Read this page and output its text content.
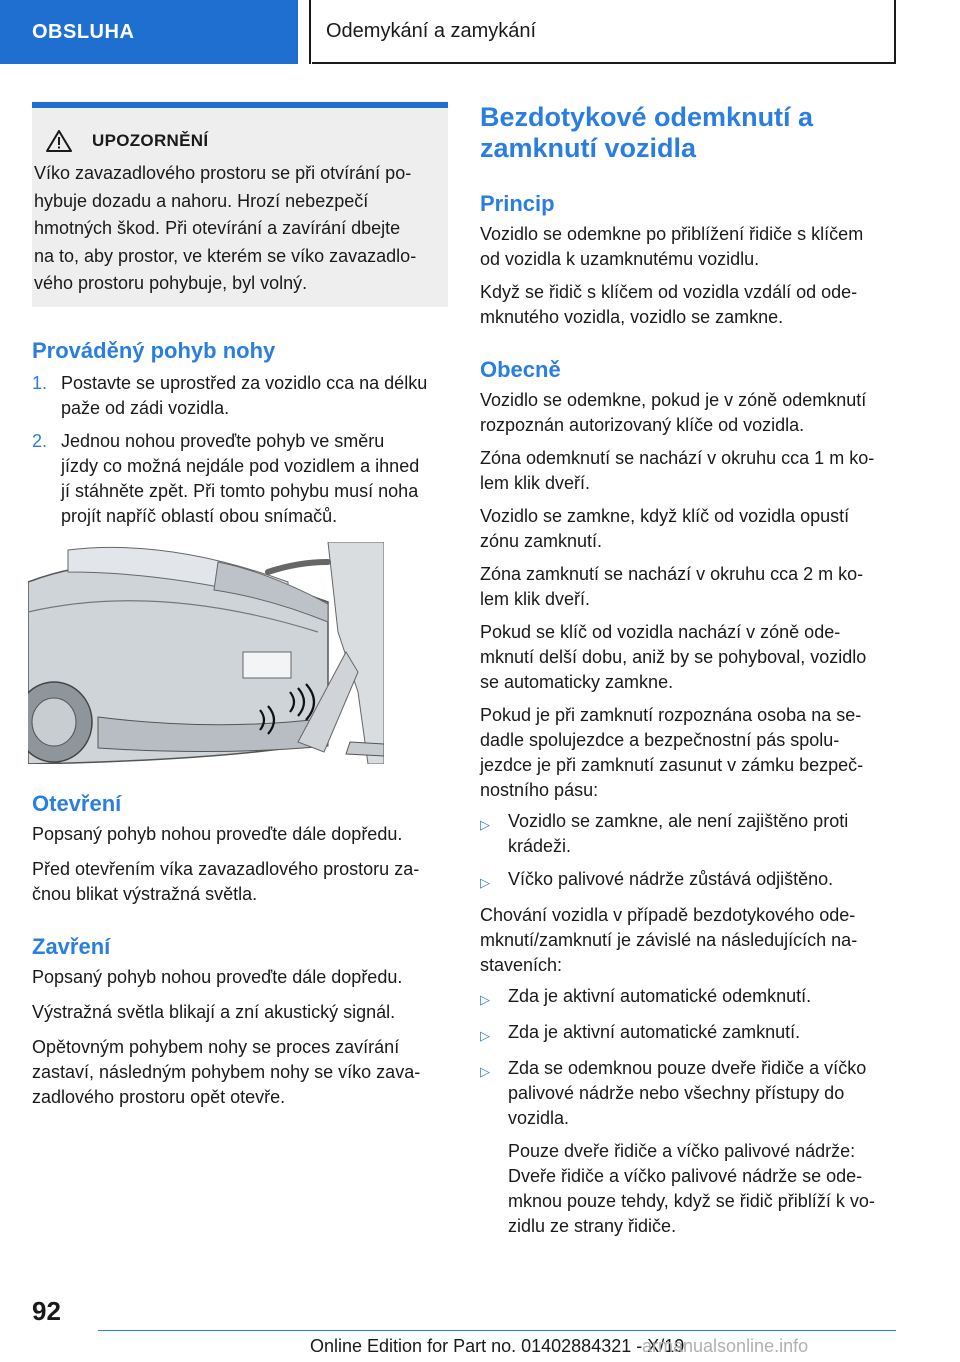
OBSLUHA	Odemykání a zamykání
UPOZORNĚNÍ
Víko zavazadlového prostoru se při otvírání po-
hybuje dozadu a nahoru. Hrozí nebezpečí
hmotných škod. Při otevírání a zavírání dbejte
na to, aby prostor, ve kterém se víko zavazadlo-
vého prostoru pohybuje, byl volný.
Prováděný pohyb nohy
1. Postavte se uprostřed za vozidlo cca na délku
paže od zádi vozidla.
2. Jednou nohou proveďte pohyb ve směru
jízdy co možná nejdále pod vozidlem a ihned
jí stáhněte zpět. Při tomto pohybu musí noha
projít napříč oblastí obou snímačů.
Otevření

Popsaný pohyb nohou proveďte dále dopředu.

Před otevřením víka zavazadlového prostoru za-
čnou blikat výstražná světla.

Zavření

Popsaný pohyb nohou proveďte dále dopředu.

Výstražná světla blikají a zní akustický signál.

Opětovným pohybem nohy se proces zavírání
zastaví, následným pohybem nohy se víko zava-
zadlového prostoru opět otevře.

Bezdotykové odemknutí a
zamknutí vozidla
Princip

Vozidlo se odemkne po přiblížení řidiče s klíčem
od vozidla k uzamknutému vozidlu.

Když se řidič s klíčem od vozidla vzdálí od ode-
mknutého vozidla, vozidlo se zamkne.

Obecně

Vozidlo se odemkne, pokud je v zóně odemknutí
rozpoznán autorizovaný klíče od vozidla.

Zóna odemknutí se nachází v okruhu cca 1 m ko-
lem klik dveří.

Vozidlo se zamkne, když klíč od vozidla opustí
zónu zamknutí.

Zóna zamknutí se nachází v okruhu cca 2 m ko-
lem klik dveří.

Pokud se klíč od vozidla nachází v zóně ode-
mknutí delší dobu, aniž by se pohyboval, vozidlo
se automaticky zamkne.

Pokud je při zamknutí rozpoznána osoba na se-
dadle spolujezdce a bezpečnostní pás spolu-
jezdce je při zamknutí zasunut v zámku bezpeč-
nostního pásu:

▷	Vozidlo se zamkne, ale není zajištěno proti
krádeži.
▷	Víčko palivové nádrže zůstává odjištěno.

Chování vozidla v případě bezdotykového ode-
mknutí/zamknutí je závislé na následujících na-
staveních:

▷	Zda je aktivní automatické odemknutí.
▷	Zda je aktivní automatické zamknutí.
▷	Zda se odemknou pouze dveře řidiče a víčko
palivové nádrže nebo všechny přístupy do
vozidla.
Pouze dveře řidiče a víčko palivové nádrže:
Dveře řidiče a víčko palivové nádrže se ode-
mknou pouze tehdy, když se řidič přiblíží k vo-
zidlu ze strany řidiče.
92
Online Edition for Part no. 01402884321 - X/19
armanualsonline.info
